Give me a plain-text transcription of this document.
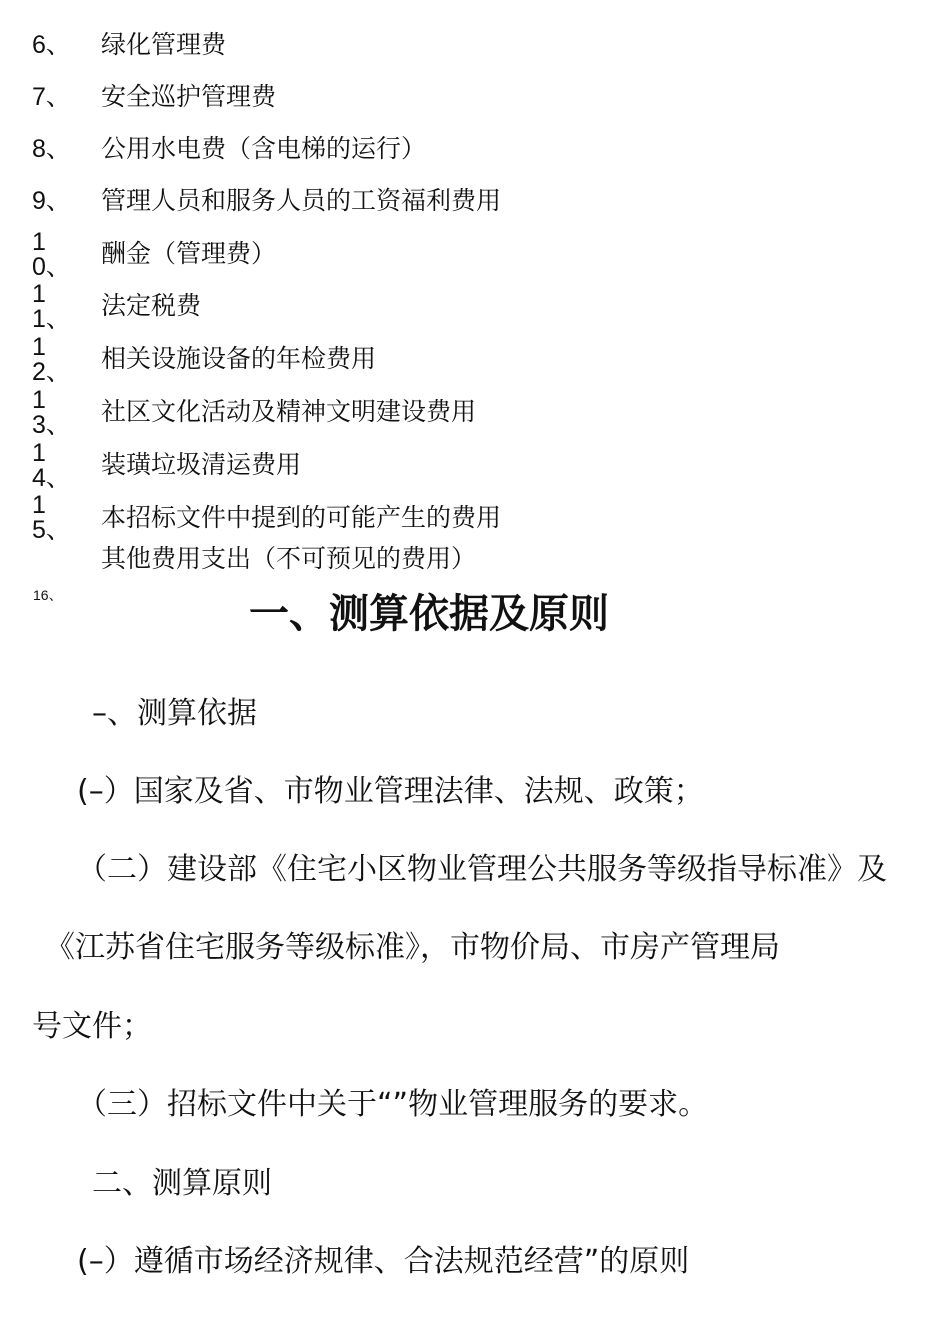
6、 绿化管理费
7、 安全巡护管理费
8、 公用水电费（含电梯的运行）
9、 管理人员和服务人员的工资福利费用
10、 酬金（管理费）
11、 法定税费
12、 相关设施设备的年检费用
13、 社区文化活动及精神文明建设费用
14、 装璜垃圾清运费用
15、 本招标文件中提到的可能产生的费用
其他费用支出（不可预见的费用）
16、	一、测算依据及原则
–、测算依据
(–）国家及省、市物业管理法律、法规、政策；
（二）建设部《住宅小区物业管理公共服务等级指导标准》及
《江苏省住宅服务等级标准》，市物价局、市房产管理局
号文件；
（三）招标文件中关于“”物业管理服务的要求。
二、测算原则
(–）遵循市场经济规律、合法规范经营”的原则
